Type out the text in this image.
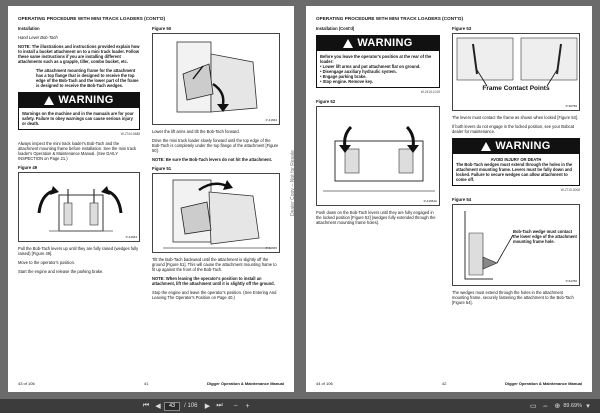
OPERATING PROCEDURE WITH MINI TRACK LOADERS (CONT'D)
Installation
Hand Lever Bob-Tach
NOTE: The illustrations and instructions provided explain how to install a bucket attachment on to a mini track loader. Follow these same instructions if you are installing different attachments such as a grapple, tiller, combo bucket, etc.
The attachment mounting frame for the attachment has a top flange that is designed to receive the top edge of the Bob-Tach and the lower part of the frame is designed to receive the Bob-Tach wedges.
WARNING
Warnings on the machine and in the manuals are for your safety. Failure to obey warnings can cause serious injury or death.
W-2744-0688
Always inspect the mini track loader's Bob-Tach and the attachment mounting frame before installation. See the mini track loader's Operation & Maintenance Manual. (See DAILY INSPECTION on Page 21.)
Figure 49
P-41663
Pull the Bob-Tach levers up until they are fully raised (wedges fully raised) [Figure 49].
Move to the operator's position.
Start the engine and release the parking brake.
Figure 50
P-41664
Lower the lift arms and tilt the Bob-Tach forward.
Drive the mini track loader slowly forward until the top edge of the Bob-Tach is completely under the top flange of the attachment [Figure 50].
NOTE: Be sure the Bob-Tach levers do not hit the attachment.
Figure 51
P-41665
Tilt the Bob-Tach backward until the attachment is slightly off the ground [Figure 51]. This will cause the attachment mounting frame to fit up against the front of the Bob-Tach.
NOTE: When leaving the operator's position to install an attachment, lift the attachment until it is slightly off the ground.
Stop the engine and leave the operator's position. (See Entering And Leaving The Operator's Position on Page 40.)
Dealer Copy -- Not for Resale
43 of 106	41	Digger Operation & Maintenance Manual
OPERATING PROCEDURE WITH MINI TRACK LOADERS (CONT'D)
Installation (Cont'd)
WARNING
Before you leave the operator's position at the rear of the loader:
• Lower lift arms and put attachment flat on ground.
• Disengage auxiliary hydraulic system.
• Engage parking brake.
• Stop engine. Remove key.
W-2416-1015
Figure 52
P-41662A
Push down on the Bob-Tach levers until they are fully engaged in the locked position [Figure 52] (wedges fully extended through the attachment mounting frame holes).
Figure 53
Frame Contact Points
P-90750
The levers must contact the frame as shown when locked [Figure 53].
If both levers do not engage in the locked position, see your Bobcat dealer for maintenance.
WARNING
AVOID INJURY OR DEATH
The Bob-Tach wedges must extend through the holes in the attachment mounting frame. Levers must be fully down and locked. Failure to secure wedges can allow attachment to come off.
W-2715-0008
Figure 54
Bob-Tach wedge must contact the lower edge of the attachment mounting frame hole.
P-64760
The wedges must extend through the holes in the attachment mounting frame, securely fastening the attachment to the Bob-Tach [Figure 54].
44 of 106	42	Digger Operation & Maintenance Manual
⏮ ◀	43 / 106	▶ ⏭	−	+	▭ ⇔ ⊕ 89.69% ▾
